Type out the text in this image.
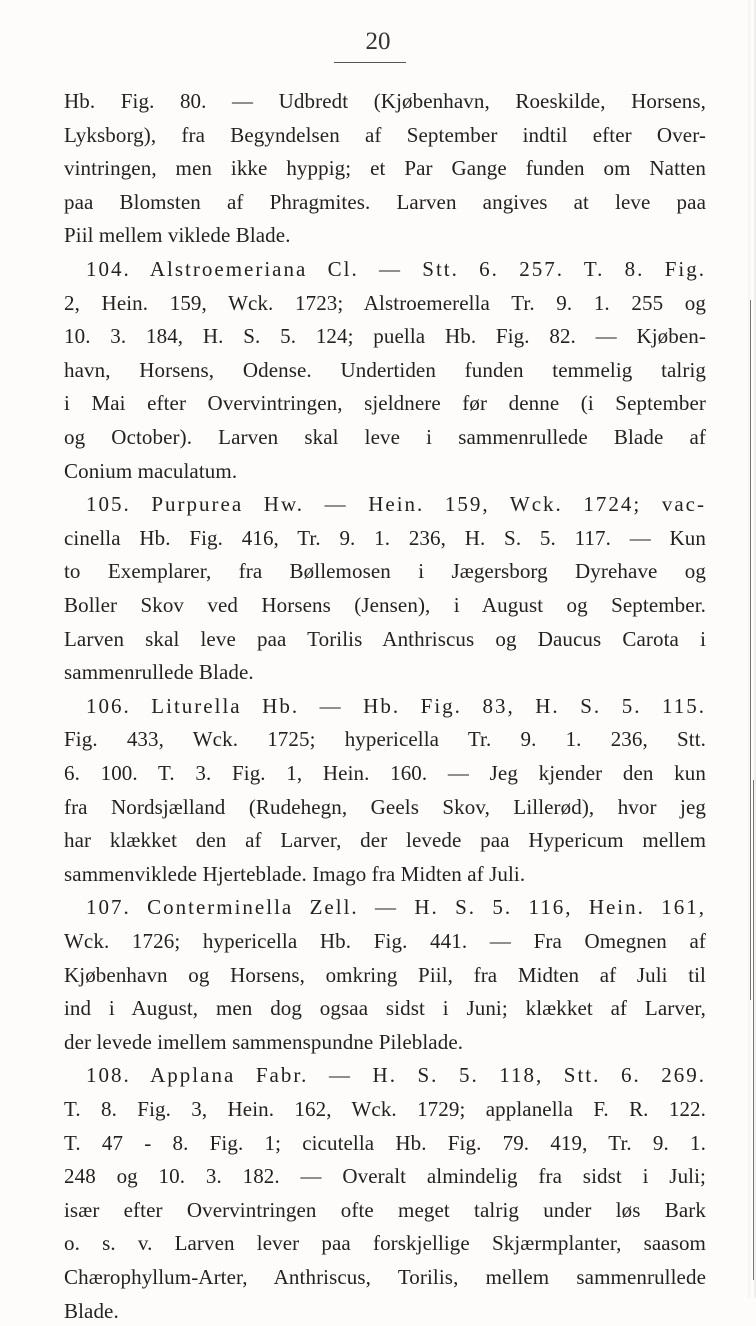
20
Hb. Fig. 80. — Udbredt (Kjøbenhavn, Roeskilde, Horsens,
Lyksborg), fra Begyndelsen af September indtil efter Over-
vintringen, men ikke hyppig; et Par Gange funden om Natten
paa Blomsten af Phragmites. Larven angives at leve paa
Piil mellem viklede Blade.
104. Alstroemeriana Cl. — Stt. 6. 257. T. 8. Fig.
2, Hein. 159, Wck. 1723; Alstroemerella Tr. 9. 1. 255 og
10. 3. 184, H. S. 5. 124; puella Hb. Fig. 82. — Kjøben-
havn, Horsens, Odense. Undertiden funden temmelig talrig
i Mai efter Overvintringen, sjeldnere før denne (i September
og October). Larven skal leve i sammenrullede Blade af
Conium maculatum.
105. Purpurea Hw. — Hein. 159, Wck. 1724; vac-
cinella Hb. Fig. 416, Tr. 9. 1. 236, H. S. 5. 117. — Kun
to Exemplarer, fra Bøllemosen i Jægersborg Dyrehave og
Boller Skov ved Horsens (Jensen), i August og September.
Larven skal leve paa Torilis Anthriscus og Daucus Carota i
sammenrullede Blade.
106. Liturella Hb. — Hb. Fig. 83, H. S. 5. 115.
Fig. 433, Wck. 1725; hypericella Tr. 9. 1. 236, Stt.
6. 100. T. 3. Fig. 1, Hein. 160. — Jeg kjender den kun
fra Nordsjælland (Rudehegn, Geels Skov, Lillerød), hvor jeg
har klækket den af Larver, der levede paa Hypericum mellem
sammenviklede Hjerteblade. Imago fra Midten af Juli.
107. Conterminella Zell. — H. S. 5. 116, Hein. 161,
Wck. 1726; hypericella Hb. Fig. 441. — Fra Omegnen af
Kjøbenhavn og Horsens, omkring Piil, fra Midten af Juli til
ind i August, men dog ogsaa sidst i Juni; klækket af Larver,
der levede imellem sammenspundne Pileblade.
108. Applana Fabr. — H. S. 5. 118, Stt. 6. 269.
T. 8. Fig. 3, Hein. 162, Wck. 1729; applanella F. R. 122.
T. 47 - 8. Fig. 1; cicutella Hb. Fig. 79. 419, Tr. 9. 1.
248 og 10. 3. 182. — Overalt almindelig fra sidst i Juli;
især efter Overvintringen ofte meget talrig under løs Bark
o. s. v. Larven lever paa forskjellige Skjærmplanter, saasom
Chærophyllum-Arter, Anthriscus, Torilis, mellem sammenrullede
Blade.
